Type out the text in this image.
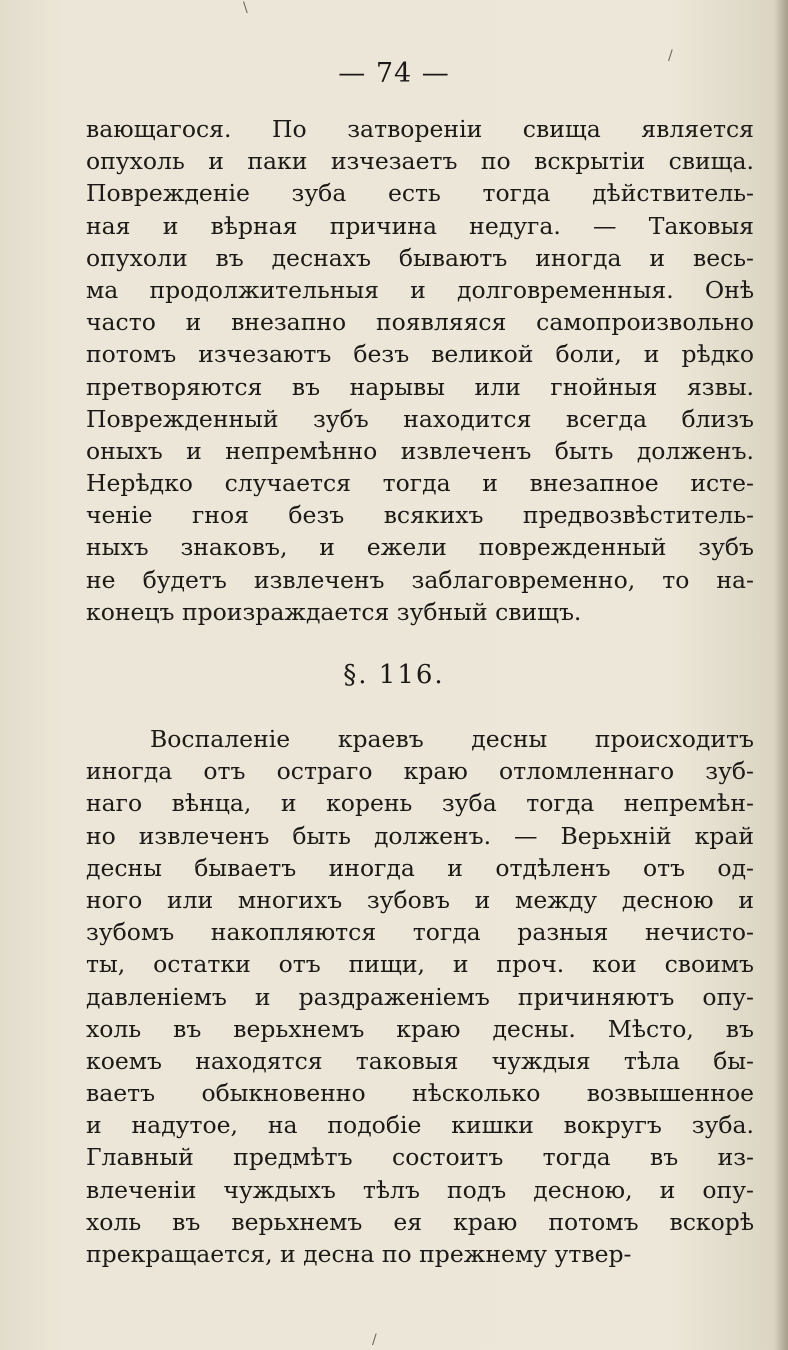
— 74 —
вающагося. По затворенiи свища является
опухоль и паки изчезаетъ по вскрытiи свища.
Поврежденiе зуба есть тогда дѣйствитель-
ная и вѣрная причина недуга. — Таковыя
опухоли въ деснахъ бываютъ иногда и весь-
ма продолжительныя и долговременныя. Онѣ
часто и внезапно появляяся самопроизвольно
потомъ изчезаютъ безъ великой боли, и рѣдко
претворяются въ нарывы или гнойныя язвы.
Поврежденный зубъ находится всегда близъ
оныхъ и непремѣнно извлеченъ быть долженъ.
Нерѣдко случается тогда и внезапное исте-
ченiе гноя безъ всякихъ предвозвѣститель-
ныхъ знаковъ, и ежели поврежденный зубъ
не будетъ извлеченъ заблаговременно, то на-
конецъ произраждается зубный свищъ.
§. 116.
Воспаленiе краевъ десны происходитъ
иногда отъ остраго краю отломленнаго зуб-
наго вѣнца, и корень зуба тогда непремѣн-
но извлеченъ быть долженъ. — Верьхнiй край
десны бываетъ иногда и отдѣленъ отъ од-
ного или многихъ зубовъ и между десною и
зубомъ накопляются тогда разныя нечисто-
ты, остатки отъ пищи, и проч. кои своимъ
давленiемъ и раздраженiемъ причиняютъ опу-
холь въ верьхнемъ краю десны. Мѣсто, въ
коемъ находятся таковыя чуждыя тѣла бы-
ваетъ обыкновенно нѣсколько возвышенное
и надутое, на подобiе кишки вокругъ зуба.
Главный предмѣтъ состоитъ тогда въ из-
влеченiи чуждыхъ тѣлъ подъ десною, и опу-
холь въ верьхнемъ ея краю потомъ вскорѣ
прекращается, и десна по прежнему утвер-
\
/
/
